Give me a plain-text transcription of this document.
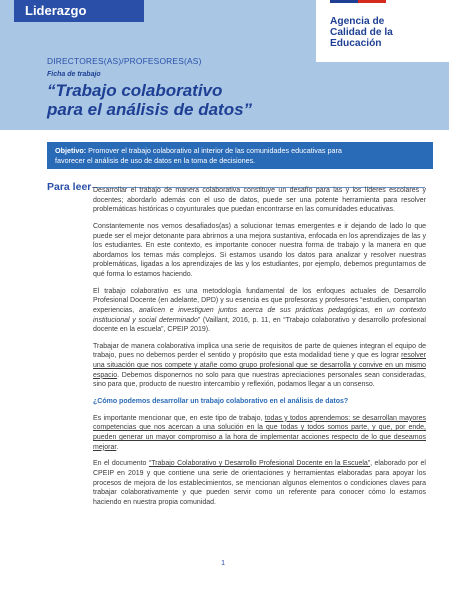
Liderazgo
Agencia de
Calidad de la
Educación
DIRECTORES(AS)/PROFESORES(AS)
Ficha de trabajo
“Trabajo colaborativo
para el análisis de datos”
Objetivo: Promover el trabajo colaborativo al interior de las comunidades educativas para
favorecer el análisis de uso de datos en la toma de decisiones.
Para leer Desarrollar el trabajo de manera colaborativa constituye un desafío para las y los líderes escolares y docentes; abordarlo además con el uso de datos, puede ser una potente herramienta para resolver problemáticas históricas o coyunturales que puedan encontrarse en las comunidades educativas.

Constantemente nos vemos desafiados(as) a solucionar temas emergentes e ir dejando de lado lo que puede ser el mejor detonante para abrirnos a una mejora sustantiva, enfocada en los aprendizajes de las y los estudiantes. En este contexto, es importante conocer nuestra forma de trabajo y la manera en que abordamos los temas más complejos. Si estamos usando los datos para analizar y resolver nuestras problemáticas, ligadas a los aprendizajes de las y los estudiantes, por ejemplo, debemos preguntarnos de qué forma lo estamos haciendo.

El trabajo colaborativo es una metodología fundamental de los enfoques actuales de Desarrollo Profesional Docente (en adelante, DPD) y su esencia es que profesoras y profesores “estudien, compartan experiencias, analicen e investiguen juntos acerca de sus prácticas pedagógicas, en un contexto institucional y social determinado” (Vaillant, 2016, p. 11, en “Trabajo colaborativo y desarrollo profesional docente en la escuela”, CPEIP 2019).

Trabajar de manera colaborativa implica una serie de requisitos de parte de quienes integran el equipo de trabajo, pues no debemos perder el sentido y propósito que esta modalidad tiene y que es lograr resolver una situación que nos compete y atañe como grupo profesional que se desarrolla y convive en un mismo espacio. Debemos disponernos no solo para que nuestras apreciaciones personales sean consideradas, sino para que, producto de nuestro intercambio y reflexión, podamos llegar a un consenso.

¿Cómo podemos desarrollar un trabajo colaborativo en el análisis de datos?

Es importante mencionar que, en este tipo de trabajo, todas y todos aprendemos: se desarrollan mayores competencias que nos acercan a una solución en la que todas y todos somos parte, y que, por ende, pueden generar un mayor compromiso a la hora de implementar acciones respecto de lo que deseamos mejorar.

En el documento “Trabajo Colaborativo y Desarrollo Profesional Docente en la Escuela”, elaborado por el CPEIP en 2019 y que contiene una serie de orientaciones y herramientas elaboradas para apoyar los procesos de mejora de los establecimientos, se mencionan algunos elementos o condiciones claves para trabajar colaborativamente y que pueden servir como un referente para conocer cómo lo estamos haciendo en nuestra propia comunidad.

1
